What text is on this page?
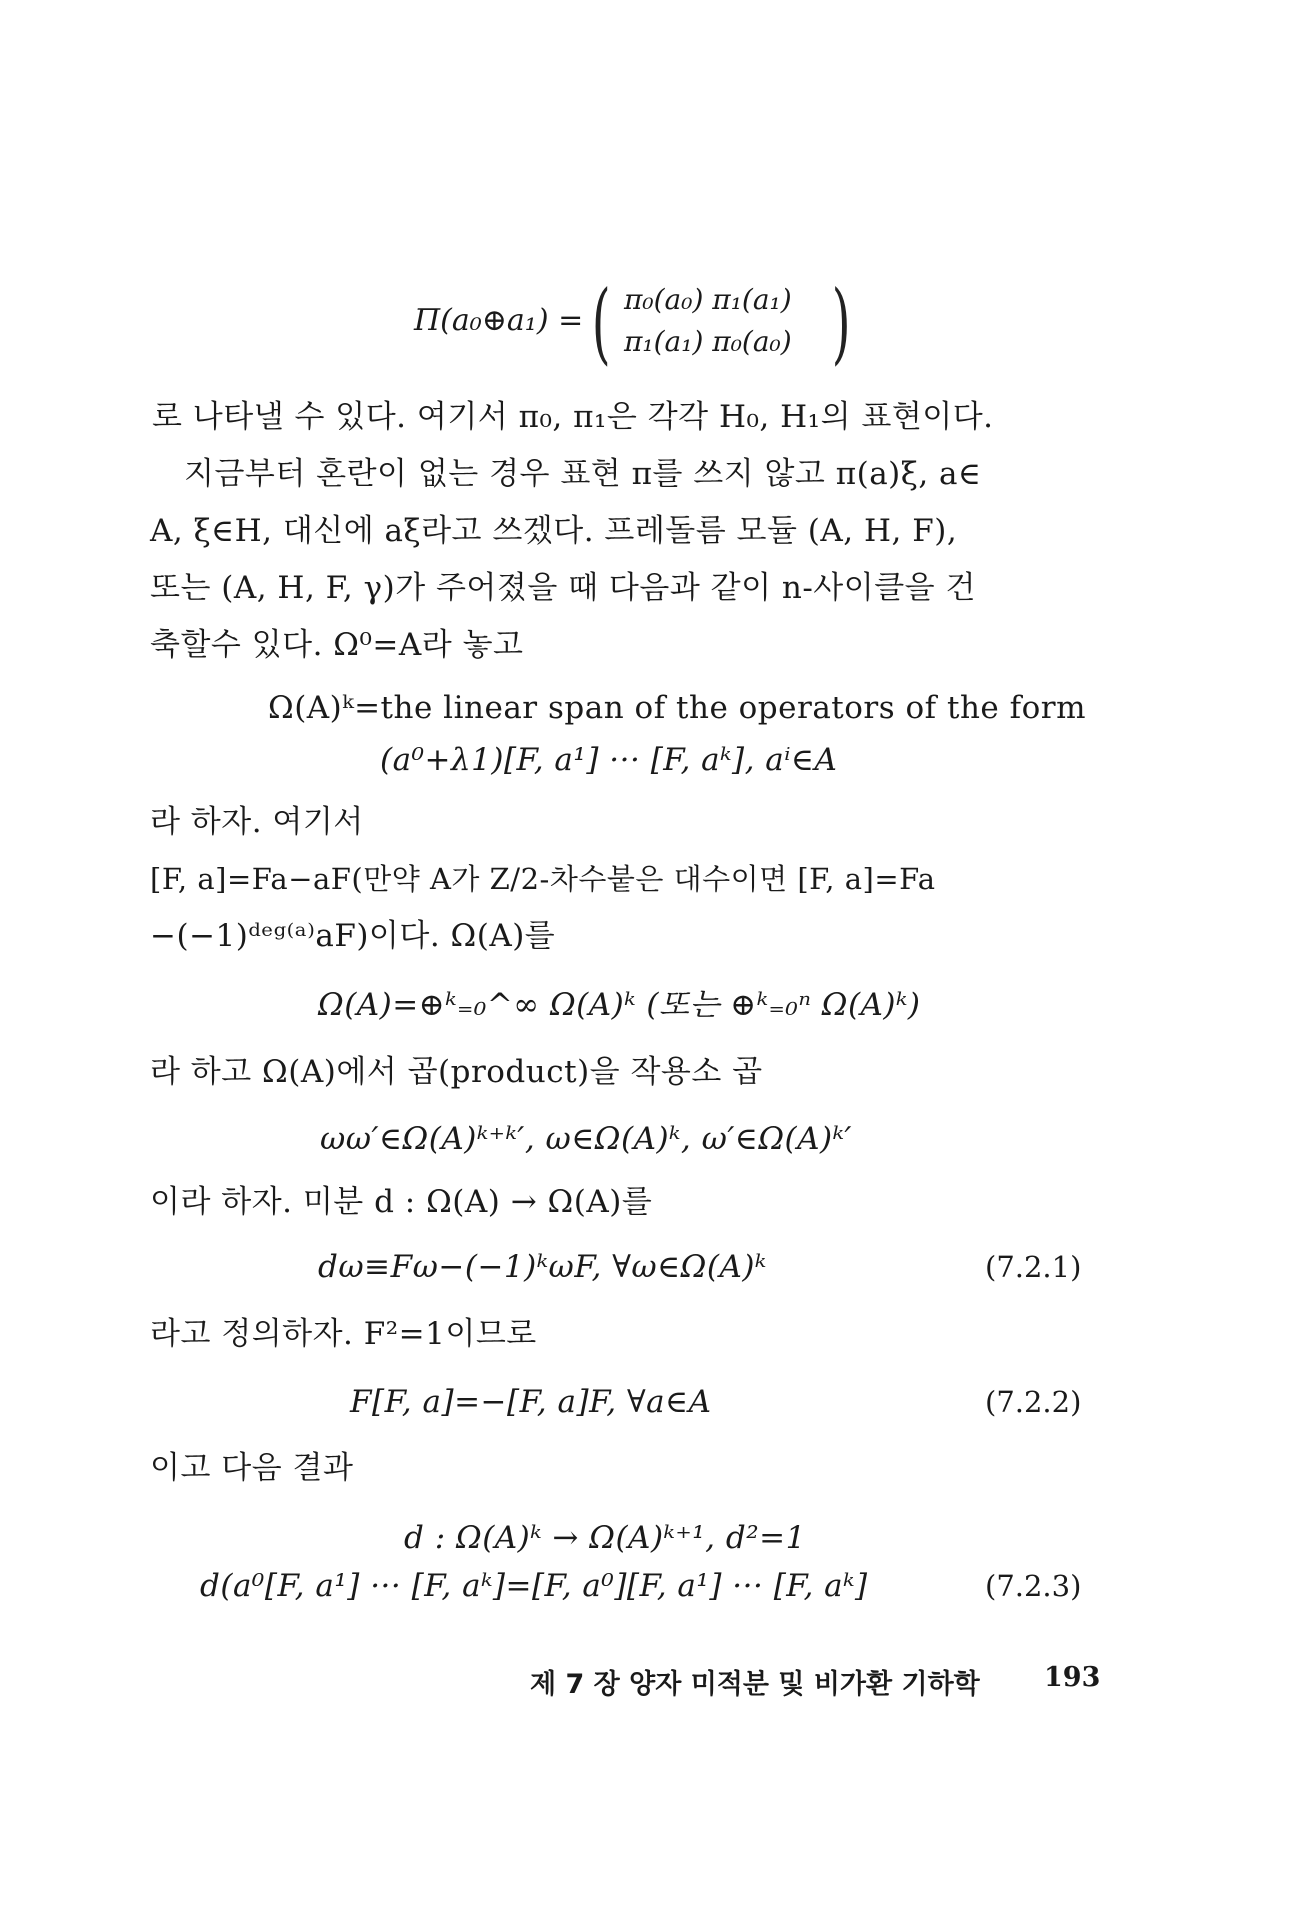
Π(a₀⊕a₁) = ( π₀(a₀) π₁(a₁)
π₁(a₁) π₀(a₀) )
로 나타낼 수 있다. 여기서 π₀, π₁은 각각 H₀, H₁의 표현이다.
지금부터 혼란이 없는 경우 표현 π를 쓰지 않고 π(a)ξ, a∈
A, ξ∈H, 대신에 aξ라고 쓰겠다. 프레돌름 모듈 (A, H, F),
또는 (A, H, F, γ)가 주어졌을 때 다음과 같이 n-사이클을 건
축할수 있다. Ω⁰=A라 놓고
Ω(A)ᵏ=the linear span of the operators of the form
(a⁰+λ1)[F, a¹] ··· [F, aᵏ], aⁱ∈A
라 하자. 여기서
[F, a]=Fa−aF(만약 A가 Z/2-차수붙은 대수이면 [F, a]=Fa
−(−1)ᵈᵉᵍ⁽ᵃ⁾aF)이다. Ω(A)를
Ω(A)=⊕ᵏ₌₀^∞ Ω(A)ᵏ (또는 ⊕ᵏ₌₀ⁿ Ω(A)ᵏ)
라 하고 Ω(A)에서 곱(product)을 작용소 곱
ωω′∈Ω(A)ᵏ⁺ᵏ′, ω∈Ω(A)ᵏ, ω′∈Ω(A)ᵏ′
이라 하자. 미분 d : Ω(A) → Ω(A)를
dω≡Fω−(−1)ᵏωF, ∀ω∈Ω(A)ᵏ	(7.2.1)
라고 정의하자. F²=1이므로
F[F, a]=−[F, a]F, ∀a∈A	(7.2.2)
이고 다음 결과
d : Ω(A)ᵏ → Ω(A)ᵏ⁺¹, d²=1
d(a⁰[F, a¹] ··· [F, aᵏ]=[F, a⁰][F, a¹] ··· [F, aᵏ]	(7.2.3)
제 7 장 양자 미적분 및 비가환 기하학 193
